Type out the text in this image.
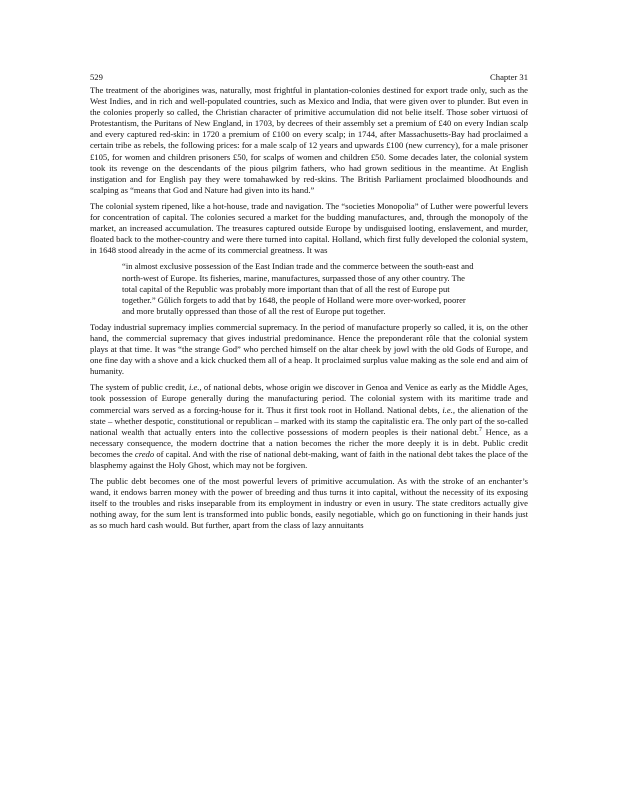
529	Chapter 31

The treatment of the aborigines was, naturally, most frightful in plantation-colonies destined for export trade only, such as the West Indies, and in rich and well-populated countries, such as Mexico and India, that were given over to plunder. But even in the colonies properly so called, the Christian character of primitive accumulation did not belie itself. Those sober virtuosi of Protestantism, the Puritans of New England, in 1703, by decrees of their assembly set a premium of £40 on every Indian scalp and every captured red-skin: in 1720 a premium of £100 on every scalp; in 1744, after Massachusetts-Bay had proclaimed a certain tribe as rebels, the following prices: for a male scalp of 12 years and upwards £100 (new currency), for a male prisoner £105, for women and children prisoners £50, for scalps of women and children £50. Some decades later, the colonial system took its revenge on the descendants of the pious pilgrim fathers, who had grown seditious in the meantime. At English instigation and for English pay they were tomahawked by red-skins. The British Parliament proclaimed bloodhounds and scalping as “means that God and Nature had given into its hand.”

The colonial system ripened, like a hot-house, trade and navigation. The “societies Monopolia” of Luther were powerful levers for concentration of capital. The colonies secured a market for the budding manufactures, and, through the monopoly of the market, an increased accumulation. The treasures captured outside Europe by undisguised looting, enslavement, and murder, floated back to the mother-country and were there turned into capital. Holland, which first fully developed the colonial system, in 1648 stood already in the acme of its commercial greatness. It was

“in almost exclusive possession of the East Indian trade and the commerce between the south-east and north-west of Europe. Its fisheries, marine, manufactures, surpassed those of any other country. The total capital of the Republic was probably more important than that of all the rest of Europe put together.” Gülich forgets to add that by 1648, the people of Holland were more over-worked, poorer and more brutally oppressed than those of all the rest of Europe put together.

Today industrial supremacy implies commercial supremacy. In the period of manufacture properly so called, it is, on the other hand, the commercial supremacy that gives industrial predominance. Hence the preponderant rôle that the colonial system plays at that time. It was “the strange God” who perched himself on the altar cheek by jowl with the old Gods of Europe, and one fine day with a shove and a kick chucked them all of a heap. It proclaimed surplus value making as the sole end and aim of humanity.

The system of public credit, i.e., of national debts, whose origin we discover in Genoa and Venice as early as the Middle Ages, took possession of Europe generally during the manufacturing period. The colonial system with its maritime trade and commercial wars served as a forcing-house for it. Thus it first took root in Holland. National debts, i.e., the alienation of the state – whether despotic, constitutional or republican – marked with its stamp the capitalistic era. The only part of the so-called national wealth that actually enters into the collective possessions of modern peoples is their national debt.$^7$ Hence, as a necessary consequence, the modern doctrine that a nation becomes the richer the more deeply it is in debt. Public credit becomes the credo of capital. And with the rise of national debt-making, want of faith in the national debt takes the place of the blasphemy against the Holy Ghost, which may not be forgiven.

The public debt becomes one of the most powerful levers of primitive accumulation. As with the stroke of an enchanter’s wand, it endows barren money with the power of breeding and thus turns it into capital, without the necessity of its exposing itself to the troubles and risks inseparable from its employment in industry or even in usury. The state creditors actually give nothing away, for the sum lent is transformed into public bonds, easily negotiable, which go on functioning in their hands just as so much hard cash would. But further, apart from the class of lazy annuitants
